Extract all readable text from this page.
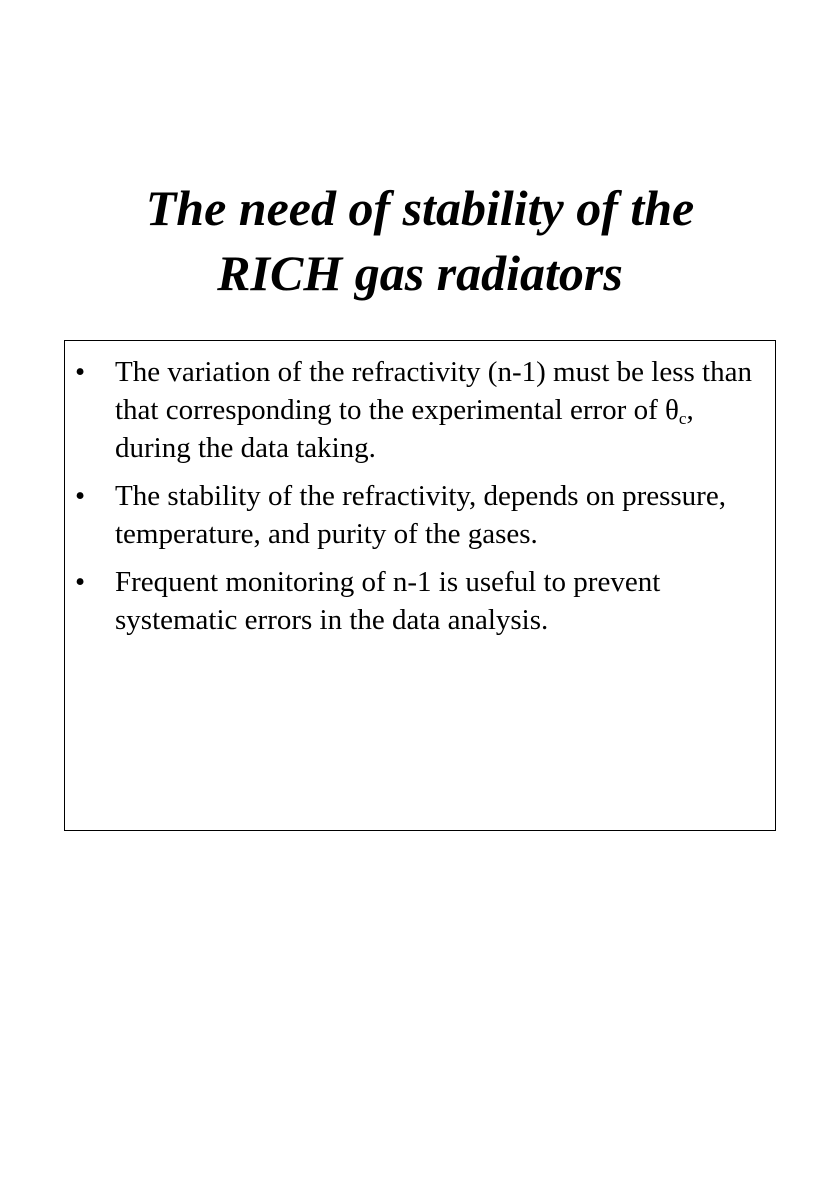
The need of stability of the
RICH gas radiators
•	The variation of the refractivity (n-1) must be less than that corresponding to the experimental error of $\theta_c$, during the data taking.
•	The stability of the refractivity, depends on pressure, temperature, and purity of the gases.
•	Frequent monitoring of n-1 is useful to prevent systematic errors in the data analysis.
